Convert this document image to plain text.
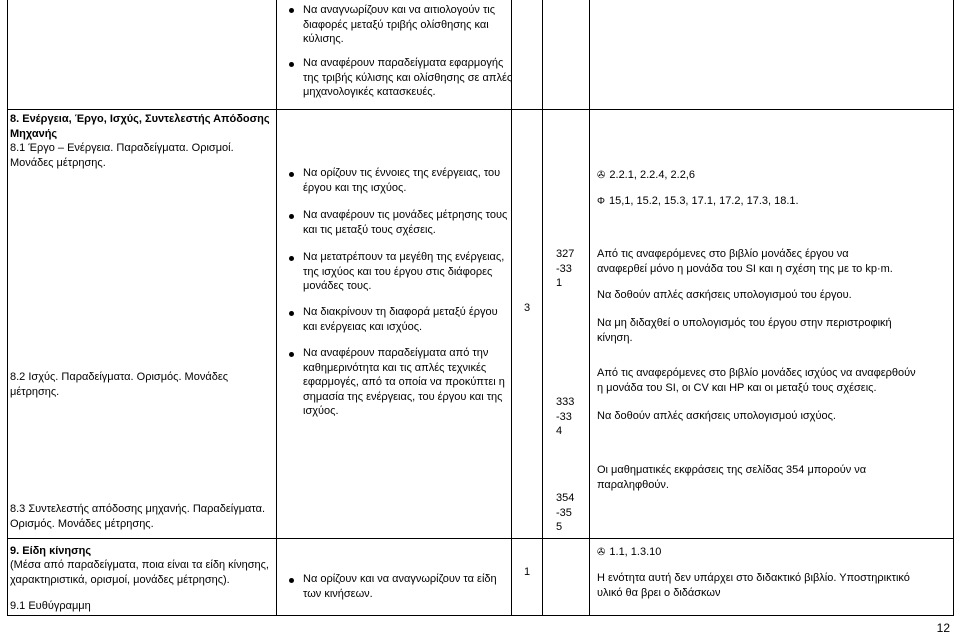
Να αναγνωρίζουν και να αιτιολογούν τις διαφορές μεταξύ τριβής ολίσθησης και κύλισης.
Να αναφέρουν παραδείγματα εφαρμογής της τριβής κύλισης και ολίσθησης σε απλές μηχανολογικές κατασκευές.
8. Ενέργεια, Έργο, Ισχύς, Συντελεστής Απόδοσης Μηχανής
8.1 Έργο – Ενέργεια. Παραδείγματα. Ορισμοί. Μονάδες μέτρησης.
8.2 Ισχύς. Παραδείγματα. Ορισμός. Μονάδες μέτρησης.
8.3 Συντελεστής απόδοσης μηχανής. Παραδείγματα. Ορισμός. Μονάδες μέτρησης.
Να ορίζουν τις έννοιες της ενέργειας, του έργου και της ισχύος.
Να αναφέρουν τις μονάδες μέτρησης τους και τις μεταξύ τους σχέσεις.
Να μετατρέπουν τα μεγέθη της ενέργειας, της ισχύος και του έργου στις διάφορες μονάδες τους.
Να διακρίνουν τη διαφορά μεταξύ έργου και ενέργειας και ισχύος.
Να αναφέρουν παραδείγματα από την καθημερινότητα και τις απλές τεχνικές εφαρμογές, από τα οποία να προκύπτει η σημασία της ενέργειας, του έργου και της ισχύος.
3
327-331
333-334
354-355
✇ 2.2.1, 2.2.4, 2.2,6
Φ 15,1, 15.2, 15.3, 17.1, 17.2, 17.3, 18.1.
Από τις αναφερόμενες στο βιβλίο μονάδες έργου να αναφερθεί μόνο η μονάδα του SI και η σχέση της με το kp·m.
Να δοθούν απλές ασκήσεις υπολογισμού του έργου.
Να μη διδαχθεί ο υπολογισμός του έργου στην περιστροφική κίνηση.
Από τις αναφερόμενες στο βιβλίο μονάδες ισχύος να αναφερθούν η μονάδα του SI, οι CV και HP και οι μεταξύ τους σχέσεις.
Να δοθούν απλές ασκήσεις υπολογισμού ισχύος.
Οι μαθηματικές εκφράσεις της σελίδας 354 μπορούν να παραληφθούν.
9. Είδη κίνησης
(Μέσα από παραδείγματα, ποια είναι τα είδη κίνησης, χαρακτηριστικά, ορισμοί, μονάδες μέτρησης).
9.1 Ευθύγραμμη
Να ορίζουν και να αναγνωρίζουν τα είδη των κινήσεων.
1
✇ 1.1, 1.3.10
Η ενότητα αυτή δεν υπάρχει στο διδακτικό βιβλίο. Υποστηρικτικό υλικό θα βρει ο διδάσκων
12
